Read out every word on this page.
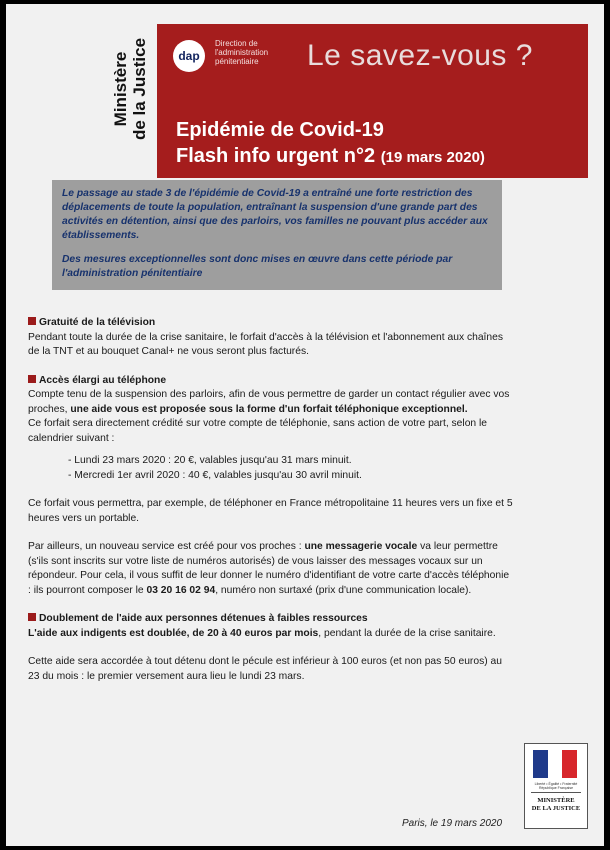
Ministère de la Justice	dap
Direction de
l'administration
pénitentiaire	Le savez-vous ?
Epidémie de Covid-19
Flash info urgent n°2 (19 mars 2020)

Le passage au stade 3 de l'épidémie de Covid-19 a entraîné une forte restriction des déplacements de toute la population, entraînant la suspension d'une grande part des activités en détention, ainsi que des parloirs, vos familles ne pouvant plus accéder aux établissements.

Des mesures exceptionnelles sont donc mises en œuvre dans cette période par l'administration pénitentiaire

Gratuité de la télévision

Pendant toute la durée de la crise sanitaire, le forfait d'accès à la télévision et l'abonnement aux chaînes de la TNT et au bouquet Canal+ ne vous seront plus facturés.

Accès élargi au téléphone

Compte tenu de la suspension des parloirs, afin de vous permettre de garder un contact régulier avec vos proches, une aide vous est proposée sous la forme d'un forfait téléphonique exceptionnel.

Ce forfait sera directement crédité sur votre compte de téléphonie, sans action de votre part, selon le calendrier suivant :

- Lundi 23 mars 2020 : 20 €, valables jusqu'au 31 mars minuit.
- Mercredi 1er avril 2020 : 40 €, valables jusqu'au 30 avril minuit.

Ce forfait vous permettra, par exemple, de téléphoner en France métropolitaine 11 heures vers un fixe et 5 heures vers un portable.

Par ailleurs, un nouveau service est créé pour vos proches : une messagerie vocale va leur permettre (s'ils sont inscrits sur votre liste de numéros autorisés) de vous laisser des messages vocaux sur un répondeur. Pour cela, il vous suffit de leur donner le numéro d'identifiant de votre carte d'accès téléphonie : ils pourront composer le 03 20 16 02 94, numéro non surtaxé (prix d'une communication locale).

Doublement de l'aide aux personnes détenues à faibles ressources

L'aide aux indigents est doublée, de 20 à 40 euros par mois, pendant la durée de la crise sanitaire.

Cette aide sera accordée à tout détenu dont le pécule est inférieur à 100 euros (et non pas 50 euros) au 23 du mois : le premier versement aura lieu le lundi 23 mars.

Liberté • Égalité • Fraternité
République Française
MINISTÈRE
DE LA JUSTICE
Paris, le 19 mars 2020
